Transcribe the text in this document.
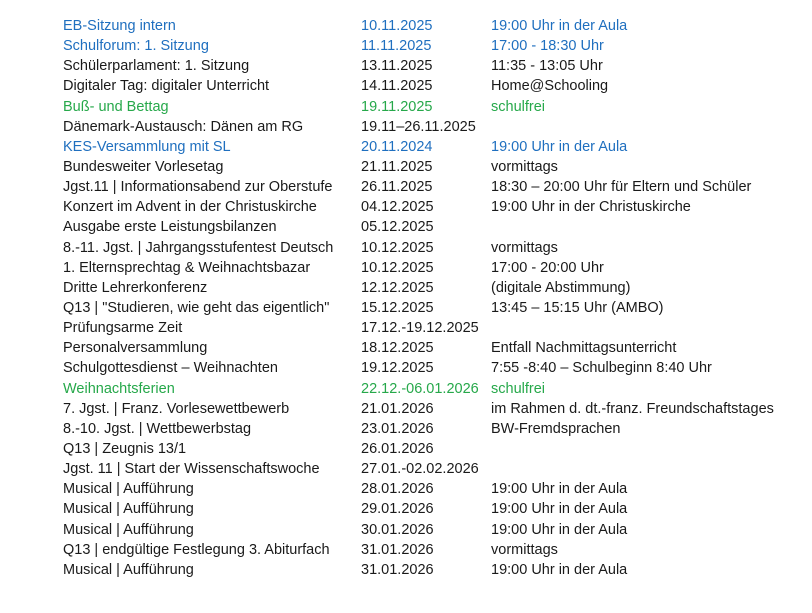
EB-Sitzung intern	10.11.2025	19:00 Uhr in der Aula
Schulforum: 1. Sitzung	11.11.2025	17:00 - 18:30 Uhr
Schülerparlament: 1. Sitzung	13.11.2025	11:35 - 13:05 Uhr
Digitaler Tag: digitaler Unterricht	14.11.2025	Home@Schooling
Buß- und Bettag	19.11.2025	schulfrei
Dänemark-Austausch: Dänen am RG	19.11–26.11.2025
KES-Versammlung mit SL	20.11.2024	19:00 Uhr in der Aula
Bundesweiter Vorlesetag	21.11.2025	vormittags
Jgst.11 | Informationsabend zur Oberstufe 26.11.2025	18:30 – 20:00 Uhr für Eltern und Schüler
Konzert im Advent in der Christuskirche	04.12.2025	19:00 Uhr in der Christuskirche
Ausgabe erste Leistungsbilanzen	05.12.2025
8.-11. Jgst. | Jahrgangsstufentest Deutsch 10.12.2025	vormittags
1. Elternsprechtag & Weihnachtsbazar	10.12.2025	17:00 - 20:00 Uhr
Dritte Lehrerkonferenz	12.12.2025	(digitale Abstimmung)
Q13 | "Studieren, wie geht das eigentlich" 15.12.2025	13:45 – 15:15 Uhr (AMBO)
Prüfungsarme Zeit	17.12.-19.12.2025
Personalversammlung	18.12.2025	Entfall Nachmittagsunterricht
Schulgottesdienst – Weihnachten	19.12.2025	7:55 -8:40 – Schulbeginn 8:40 Uhr
Weihnachtsferien	22.12.-06.01.2026 schulfrei
7. Jgst. | Franz. Vorlesewettbewerb	21.01.2026	im Rahmen d. dt.-franz. Freundschaftstages
8.-10. Jgst. | Wettbewerbstag	23.01.2026	BW-Fremdsprachen
Q13 | Zeugnis 13/1	26.01.2026
Jgst. 11 | Start der Wissenschaftswoche	27.01.-02.02.2026
Musical | Aufführung	28.01.2026	19:00 Uhr in der Aula
Musical | Aufführung	29.01.2026	19:00 Uhr in der Aula
Musical | Aufführung	30.01.2026	19:00 Uhr in der Aula
Q13 | endgültige Festlegung 3. Abiturfach 31.01.2026	vormittags
Musical | Aufführung	31.01.2026	19:00 Uhr in der Aula
